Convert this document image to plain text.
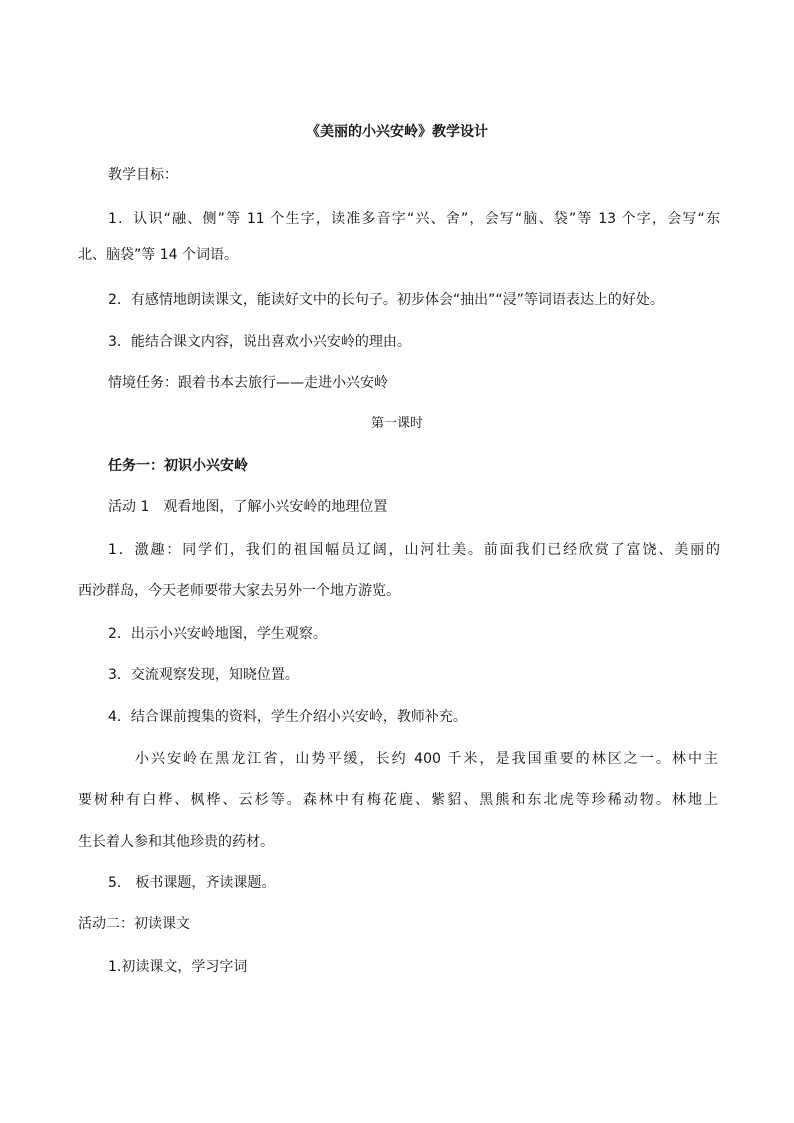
《美丽的小兴安岭》教学设计
教学目标：
1．认识“融、侧”等 11 个生字，读准多音字“兴、舍”，会写“脑、袋”等 13 个字，会写“东
北、脑袋”等 14 个词语。
2．有感情地朗读课文，能读好文中的长句子。初步体会“抽出”“浸”等词语表达上的好处。
3．能结合课文内容，说出喜欢小兴安岭的理由。
情境任务：跟着书本去旅行——走进小兴安岭
第一课时
任务一：初识小兴安岭
活动 1　观看地图，了解小兴安岭的地理位置
1．激趣：同学们，我们的祖国幅员辽阔，山河壮美。前面我们已经欣赏了富饶、美丽的
西沙群岛，今天老师要带大家去另外一个地方游览。
2．出示小兴安岭地图，学生观察。
3．交流观察发现，知晓位置。
4．结合课前搜集的资料，学生介绍小兴安岭，教师补充。
小兴安岭在黑龙江省，山势平缓，长约 400 千米，是我国重要的林区之一。林中主
要树种有白桦、枫桦、云杉等。森林中有梅花鹿、紫貂、黑熊和东北虎等珍稀动物。林地上
生长着人参和其他珍贵的药材。
5.　板书课题，齐读课题。
活动二：初读课文
1.初读课文，学习字词
